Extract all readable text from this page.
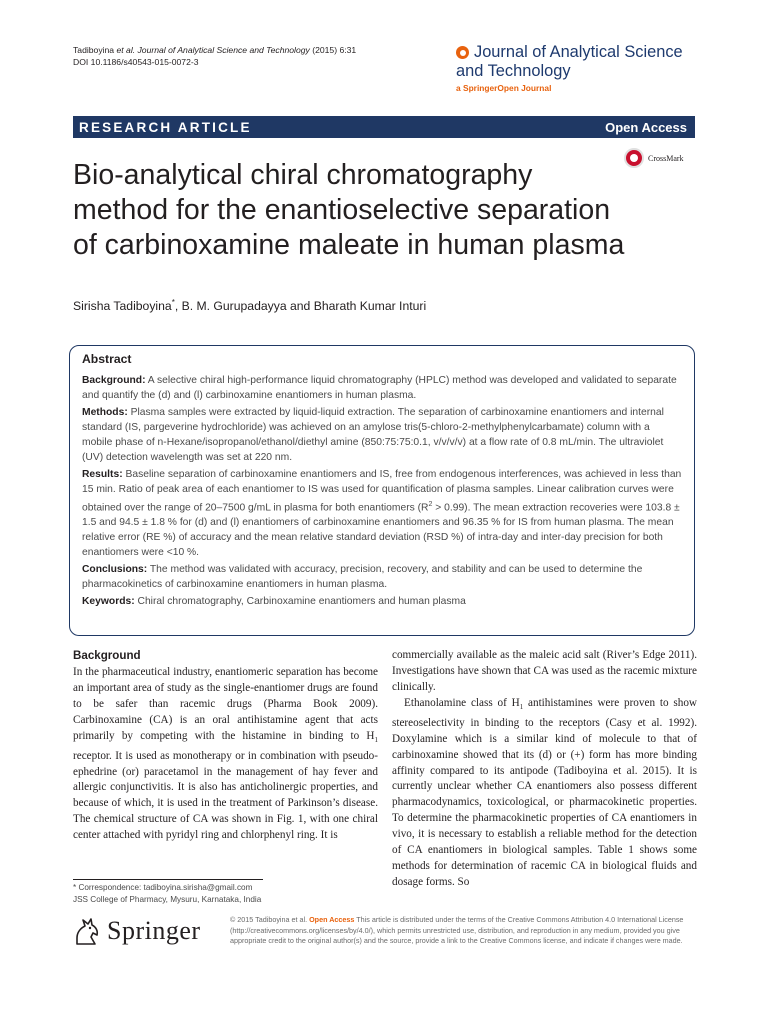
Tadiboyina et al. Journal of Analytical Science and Technology (2015) 6:31
DOI 10.1186/s40543-015-0072-3
Journal of Analytical Science
and Technology
a SpringerOpen Journal
RESEARCH ARTICLE	Open Access
CrossMark
Bio-analytical chiral chromatography method for the enantioselective separation of carbinoxamine maleate in human plasma
Sirisha Tadiboyina*, B. M. Gurupadayya and Bharath Kumar Inturi
Abstract

Background: A selective chiral high-performance liquid chromatography (HPLC) method was developed and validated to separate and quantify the (d) and (l) carbinoxamine enantiomers in human plasma.

Methods: Plasma samples were extracted by liquid-liquid extraction. The separation of carbinoxamine enantiomers and internal standard (IS, pargeverine hydrochloride) was achieved on an amylose tris(5-chloro-2-methylphenylcarbamate) column with a mobile phase of n-Hexane/isopropanol/ethanol/diethyl amine (850:75:75:0.1, v/v/v/v) at a flow rate of 0.8 mL/min. The ultraviolet (UV) detection wavelength was set at 220 nm.

Results: Baseline separation of carbinoxamine enantiomers and IS, free from endogenous interferences, was achieved in less than 15 min. Ratio of peak area of each enantiomer to IS was used for quantification of plasma samples. Linear calibration curves were obtained over the range of 20–7500 g/mL in plasma for both enantiomers $(R^2 > 0.99)$. The mean extraction recoveries were 103.8 ± 1.5 and 94.5 ± 1.8 % for (d) and (l) enantiomers of carbinoxamine enantiomers and 96.35 % for IS from human plasma. The mean relative error (RE %) of accuracy and the mean relative standard deviation (RSD %) of intra-day and inter-day precision for both enantiomers were <10 %.

Conclusions: The method was validated with accuracy, precision, recovery, and stability and can be used to determine the pharmacokinetics of carbinoxamine enantiomers in human plasma.

Keywords: Chiral chromatography, Carbinoxamine enantiomers and human plasma

Background

In the pharmaceutical industry, enantiomeric separation has become an important area of study as the single-enantiomer drugs are found to be safer than racemic drugs (Pharma Book 2009). Carbinoxamine (CA) is an oral antihistamine agent that acts primarily by competing with the histamine in binding to $H_1$ receptor. It is used as monotherapy or in combination with pseudo-ephedrine (or) paracetamol in the management of hay fever and allergic conjunctivitis. It is also has anticholinergic properties, and because of which, it is used in the treatment of Parkinson’s disease. The chemical structure of CA was shown in Fig. 1, with one chiral center attached with pyridyl ring and chlorphenyl ring. It is

commercially available as the maleic acid salt (River’s Edge 2011). Investigations have shown that CA was used as the racemic mixture clinically.

Ethanolamine class of $H_1$ antihistamines were proven to show stereoselectivity in binding to the receptors (Casy et al. 1992). Doxylamine which is a similar kind of molecule to that of carbinoxamine showed that its (d) or (+) form has more binding affinity compared to its antipode (Tadiboyina et al. 2015). It is currently unclear whether CA enantiomers also possess different pharmacodynamics, toxicological, or pharmacokinetic properties. To determine the pharmacokinetic properties of CA enantiomers in vivo, it is necessary to establish a reliable method for the detection of CA enantiomers in biological samples. Table 1 shows some methods for determination of racemic CA in biological fluids and dosage forms. So

* Correspondence: tadiboyina.sirisha@gmail.com
JSS College of Pharmacy, Mysuru, Karnataka, India
Springer	© 2015 Tadiboyina et al. Open Access This article is distributed under the terms of the Creative Commons Attribution 4.0 International License (http://creativecommons.org/licenses/by/4.0/), which permits unrestricted use, distribution, and reproduction in any medium, provided you give appropriate credit to the original author(s) and the source, provide a link to the Creative Commons license, and indicate if changes were made.
